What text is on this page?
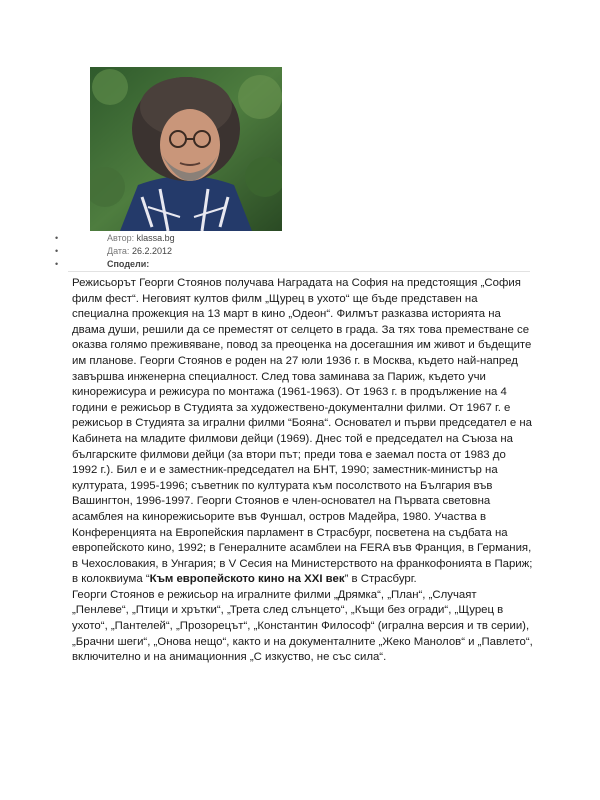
•	Автор: klassa.bg
•	Дата: 26.2.2012
•	Сподели:

Режисьорът Георги Стоянов получава Наградата на София на предстоящия „София филм фест“. Неговият култов филм „Щурец в ухото“ ще бъде представен на специална прожекция на 13 март в кино „Одеон“. Филмът разказва историята на двама души, решили да се преместят от селцето в града. За тях това преместване се оказва голямо преживяване, повод за преоценка на досегашния им живот и бъдещите им планове. Георги Стоянов е роден на 27 юли 1936 г. в Москва, където най-напред завършва инженерна специалност. След това заминава за Париж, където учи кинорежисура и режисура по монтажа (1961-1963). От 1963 г. в продължение на 4 години е режисьор в Студията за художествено-документални филми. От 1967 г. е режисьор в Студията за игрални филми “Бояна“. Основател и първи председател е на Кабинета на младите филмови дейци (1969). Днес той е председател на Съюза на българските филмови дейци (за втори път; преди това е заемал поста от 1983 до 1992 г.). Бил е и е заместник-председател на БНТ, 1990; заместник-министър на културата, 1995-1996; съветник по културата към посолството на България във Вашингтон, 1996-1997. Георги Стоянов е член-основател на Първата световна асамблея на кинорежисьорите във Фуншал, остров Мадейра, 1980. Участва в Конференцията на Европейския парламент в Страсбург, посветена на съдбата на европейското кино, 1992; в Генералните асамблеи на FERA във Франция, в Германия, в Чехословакия, в Унгария; в V Сесия на Министерството на франкофонията в Париж; в колоквиума “Към европейското кино на XXI век” в Страсбург.

Георги Стоянов е режисьор на игралните филми „Дрямка“, „План“, „Случаят „Пенлеве“, „Птици и хрътки“, „Трета след слънцето“, „Къщи без огради“, „Щурец в ухото“, „Пантелей“, „Прозорецът“, „Константин Философ“ (игрална версия и тв серии), „Брачни шеги“, „Онова нещо“, както и на документалните „Жеко Манолов“ и „Павлето“, включително и на анимационния „С изкуство, не със сила“.
